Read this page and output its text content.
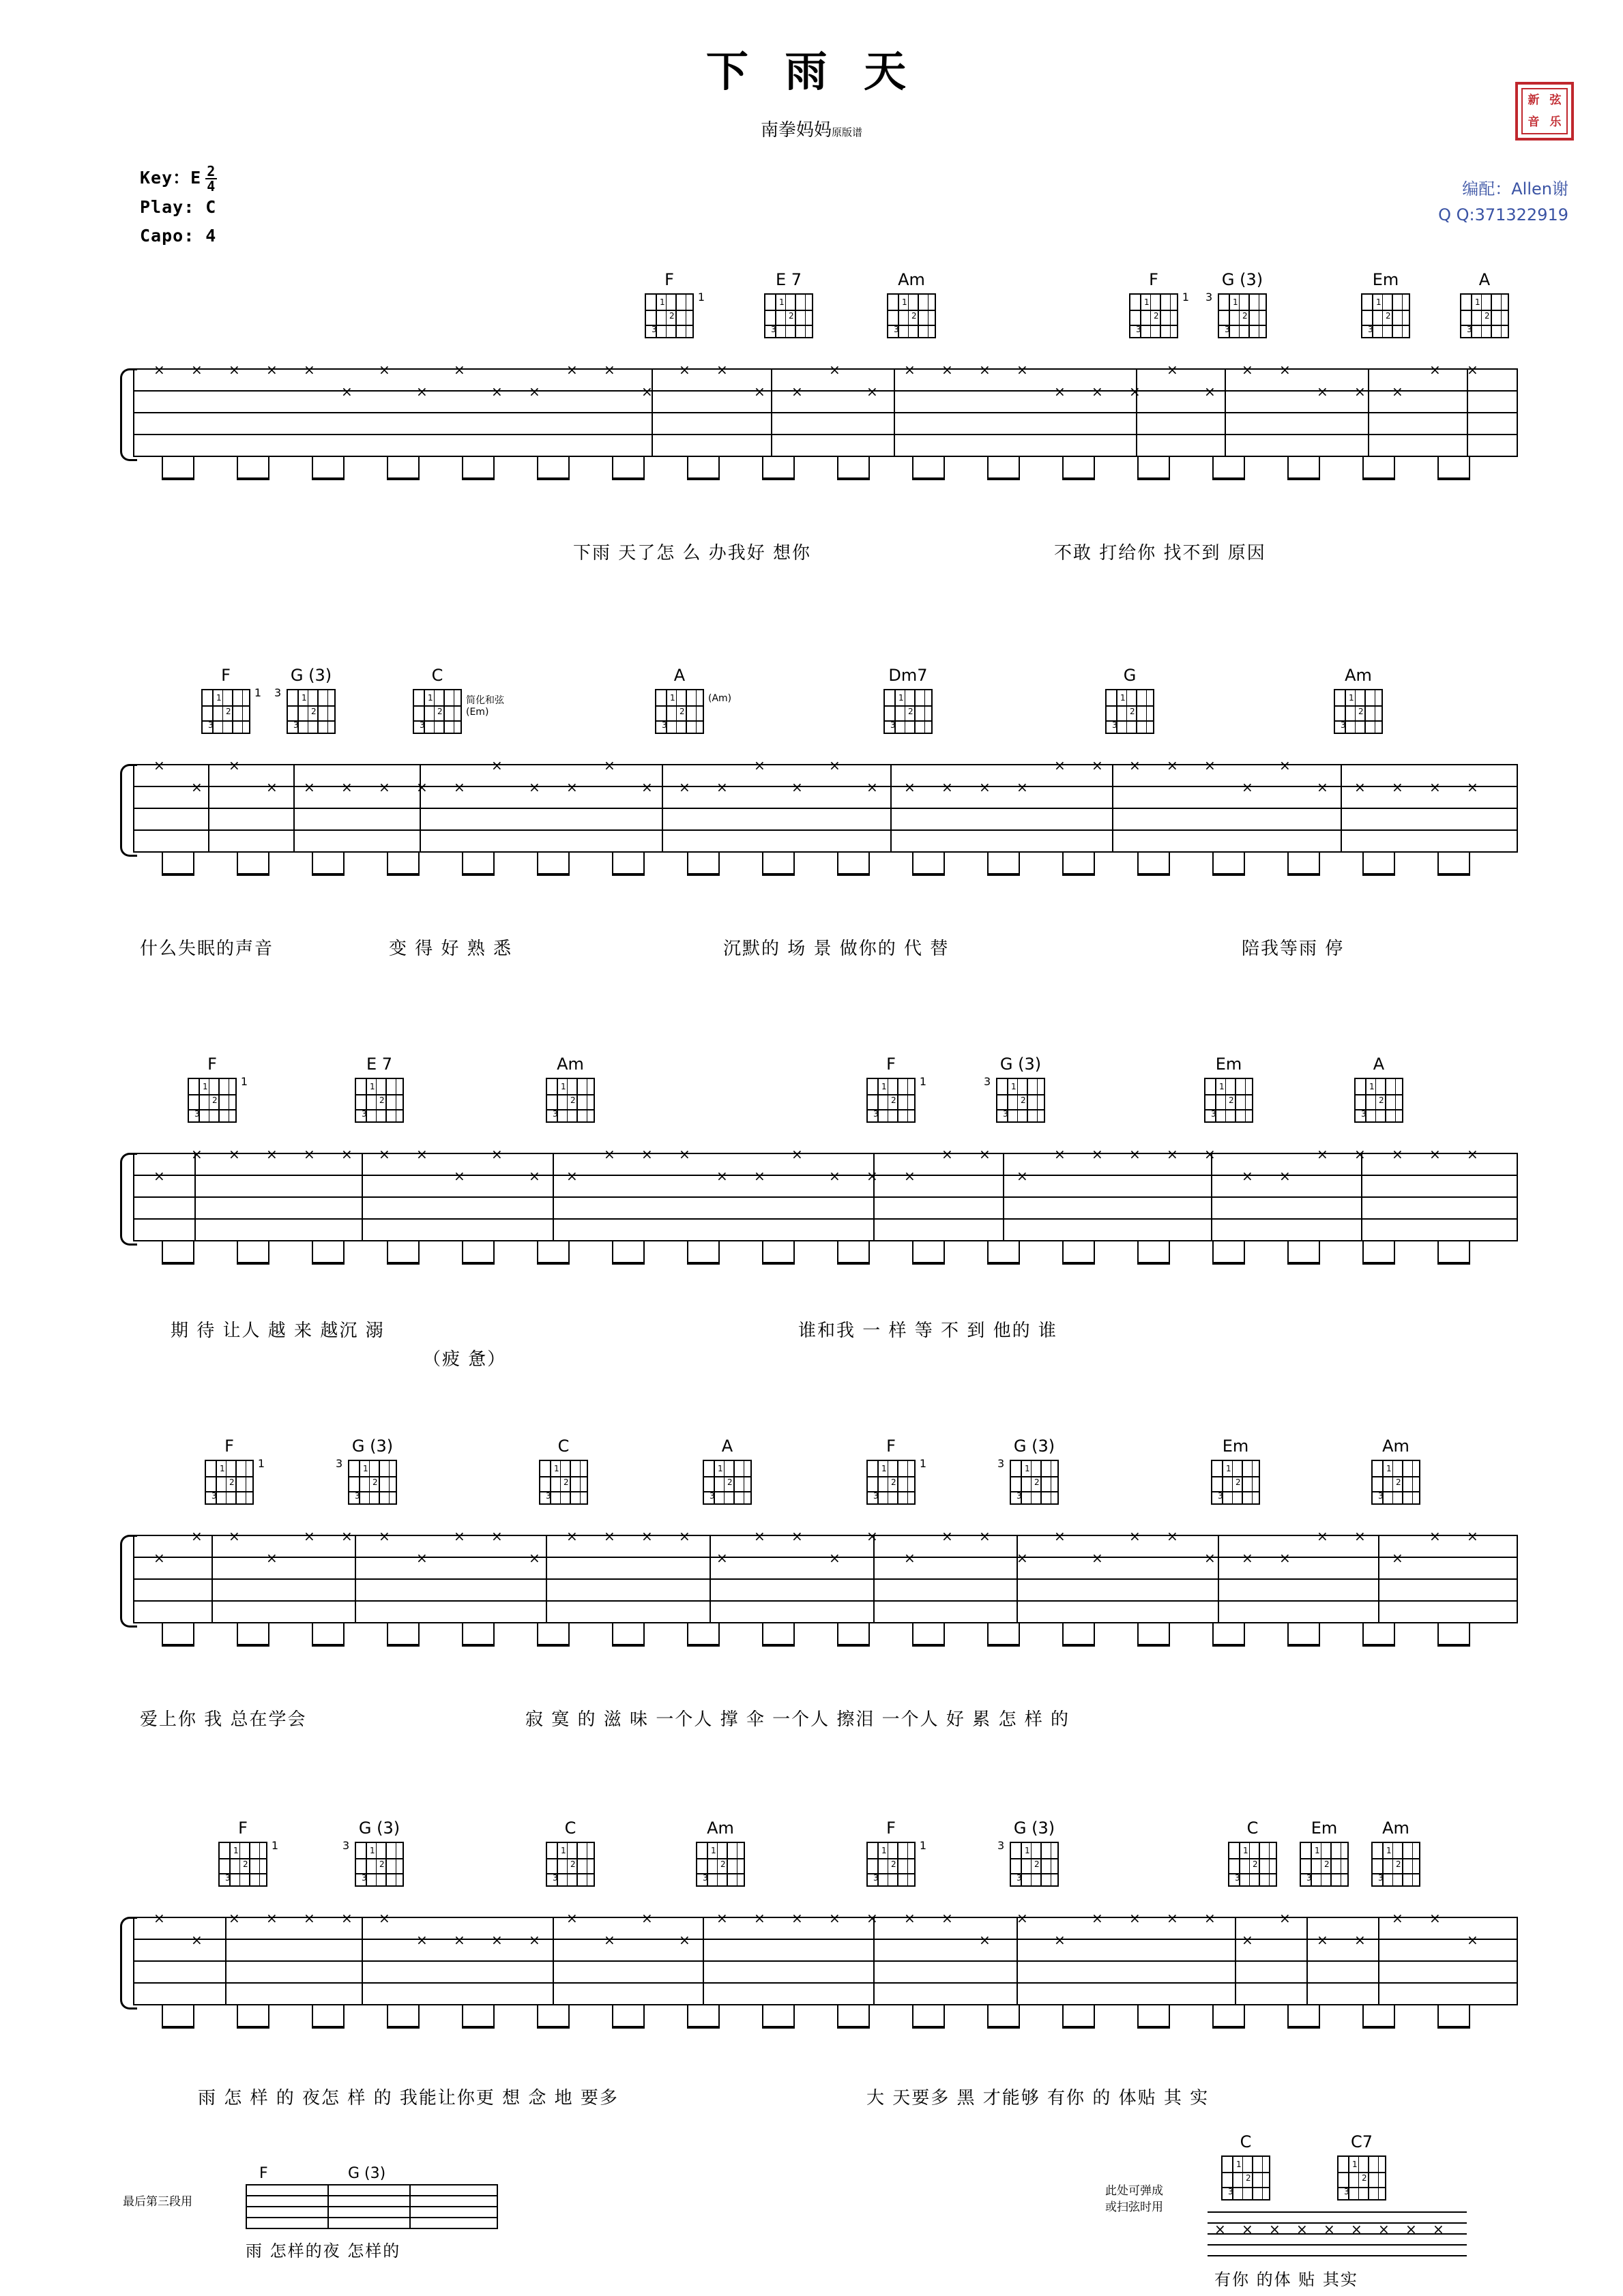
下 雨 天
南拳妈妈原版谱
新 弦
音 乐
Key：E $\frac{2}{4}$
Play: C
Capo: 4
编配：Allen谢
Q Q:371322919
F
1
2
3
1
E 7
1
2
3
Am
1
2
3
F
1
2
3
1
G (3)
1
2
3
3
Em
1
2
3
A
1
2
3
× × × × ×
×
×
×
×
× ×
× ×
×
× ×
× ×
×
×
× × × ×
× × ×
×
×
× ×
× × ×
× ×
下雨 天了怎 么 办我好 想你	不敢 打给你 找不到 原因
F
1
2
3
1
G (3)
1
2
3
3
C
1
2
3
简化和弦
(Em)
A
1
2
3
(Am)
Dm7
1
2
3
G
1
2
3
Am
1
2
3
×
×
×
× × × × × ×
×
× ×
×
× × ×
×
×
×
× × × × ×
× × × × ×
×
×
× × × × ×
什么失眠的声音	变 得 好 熟 悉	沉默的 场 景 做你的 代 替	陪我等雨 停
F
1
2
3
1
E 7
1
2
3
Am
1
2
3
F
1
2
3
1
G (3)
1
2
3
3
Em
1
2
3
A
1
2
3
×
× × × × × × ×
×
×
× ×
× × ×
× ×
×
× × ×
× ×
×
× × × × ×
× ×
× × × × ×
期 待 让人 越 来 越沉 溺
（疲 惫）
谁和我 一 样 等 不 到 他的 谁
F
1
2
3
1
G (3)
1
2
3
3
C
1
2
3
A
1
2
3
F
1
2
3
1
G (3)
1
2
3
3
Em
1
2
3
Am
1
2
3
×
× ×
×
× × ×
×
× ×
×
× × × ×
×
× ×
×
×
×
× ×
×
×
×
× ×
× × ×
× ×
×
× ×
爱上你 我 总在学会	寂 寞 的 滋 味 一个人 撑 伞 一个人 擦泪 一个人 好 累 怎 样 的
F
1
2
3
1
G (3)
1
2
3
3
C
1
2
3
Am
1
2
3
F
1
2
3
1
G (3)
1
2
3
3
C
1
2
3
Em
1
2
3
Am
1
2
3
×
×
× × × × ×
× × × ×
×
×
×
×
× × × × × × ×
×
×
×
× × × ×
×
×
× ×
× ×
×
雨 怎 样 的 夜怎 样 的 我能让你更 想 念 地 要多	大 天要多 黑 才能够 有你 的 体贴 其 实
最后第三段用
F	G (3)
雨 怎样的夜 怎样的
此处可弹成
或扫弦时用
C
1
2
3
C7
1
2
3
× × × × × × × × ×
有你 的体 贴 其实
